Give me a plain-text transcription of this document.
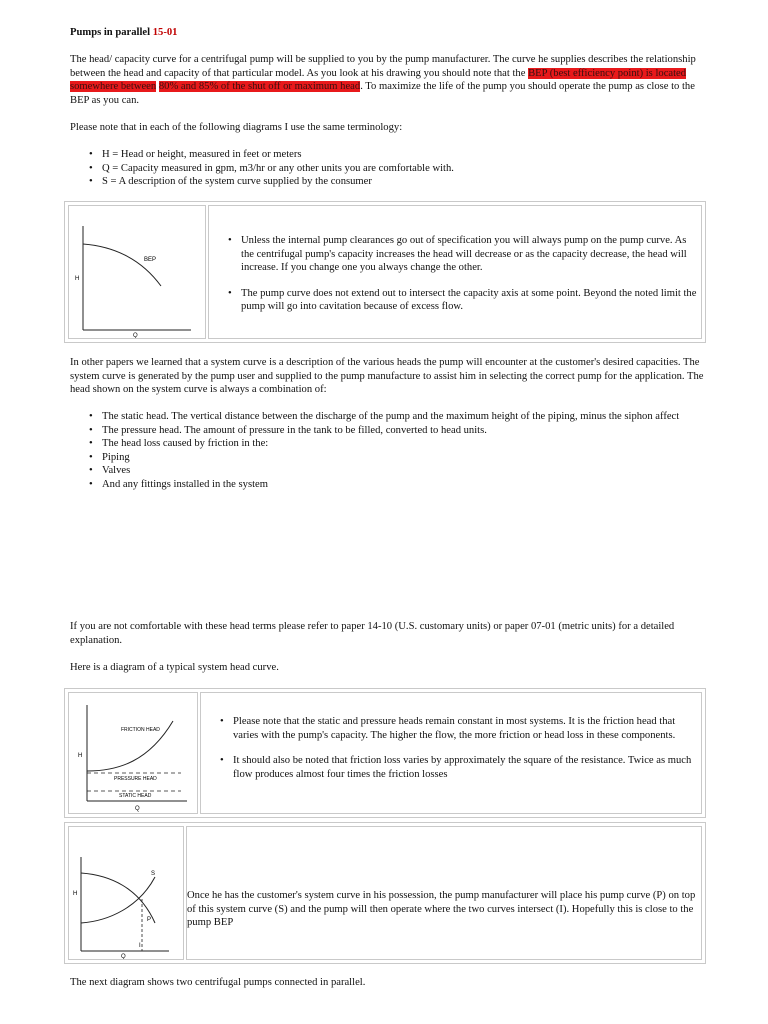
Pumps in parallel 15-01

The head/ capacity curve for a centrifugal pump will be supplied to you by the pump manufacturer. The curve he supplies describes the relationship between the head and capacity of that particular model. As you look at his drawing you should note that the BEP (best efficiency point) is located somewhere between 80% and 85% of the shut off or maximum head. To maximize the life of the pump you should operate the pump as close to the BEP as you can.

Please note that in each of the following diagrams I use the same terminology:

• H = Head or height, measured in feet or meters
• Q = Capacity measured in gpm, m3/hr or any other units you are comfortable with.
• S = A description of the system curve supplied by the consumer
BEP
H
Q
• Unless the internal pump clearances go out of specification you will always pump on the pump curve. As the centrifugal pump's capacity increases the head will decrease or as the capacity decrease, the head will increase. If you change one you always change the other.
• The pump curve does not extend out to intersect the capacity axis at some point. Beyond the noted limit the pump will go into cavitation because of excess flow.

In other papers we learned that a system curve is a description of the various heads the pump will encounter at the customer's desired capacities. The system curve is generated by the pump user and supplied to the pump manufacture to assist him in selecting the correct pump for the application. The head shown on the system curve is always a combination of:

• The static head. The vertical distance between the discharge of the pump and the maximum height of the piping, minus the siphon affect
• The pressure head. The amount of pressure in the tank to be filled, converted to head units.
• The head loss caused by friction in the:
• Piping
• Valves
• And any fittings installed in the system

If you are not comfortable with these head terms please refer to paper 14-10 (U.S. customary units) or paper 07-01 (metric units) for a detailed explanation.

Here is a diagram of a typical system head curve.

FRICTION HEAD
PRESSURE HEAD
STATIC HEAD
H
Q
• Please note that the static and pressure heads remain constant in most systems. It is the friction head that varies with the pump's capacity. The higher the flow, the more friction or head loss in these components.
• It should also be noted that friction loss varies by approximately the square of the resistance. Twice as much flow produces almost four times the friction losses
S
P
I
H
Q

Once he has the customer's system curve in his possession, the pump manufacturer will place his pump curve (P) on top of this system curve (S) and the pump will then operate where the two curves intersect (I). Hopefully this is close to the pump BEP

The next diagram shows two centrifugal pumps connected in parallel.
